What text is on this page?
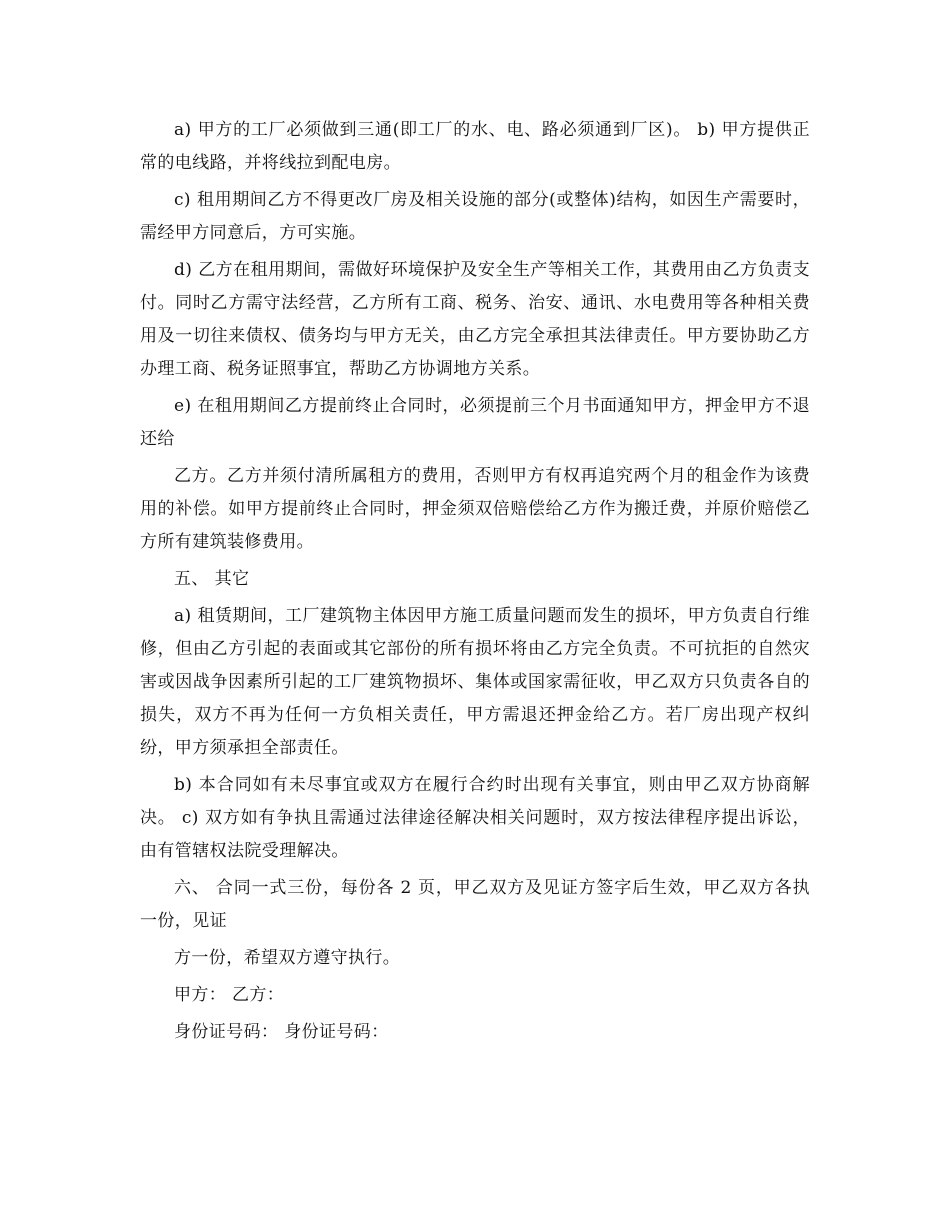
a) 甲方的工厂必须做到三通(即工厂的水、电、路必须通到厂区)。 b) 甲方提供正常的电线路，并将线拉到配电房。

c) 租用期间乙方不得更改厂房及相关设施的部分(或整体)结构，如因生产需要时，需经甲方同意后，方可实施。

d) 乙方在租用期间，需做好环境保护及安全生产等相关工作，其费用由乙方负责支付。同时乙方需守法经营，乙方所有工商、税务、治安、通讯、水电费用等各种相关费用及一切往来债权、债务均与甲方无关，由乙方完全承担其法律责任。甲方要协助乙方办理工商、税务证照事宜，帮助乙方协调地方关系。

e) 在租用期间乙方提前终止合同时，必须提前三个月书面通知甲方，押金甲方不退还给

乙方。乙方并须付清所属租方的费用，否则甲方有权再追究两个月的租金作为该费用的补偿。如甲方提前终止合同时，押金须双倍赔偿给乙方作为搬迁费，并原价赔偿乙方所有建筑装修费用。

五、 其它

a) 租赁期间，工厂建筑物主体因甲方施工质量问题而发生的损坏，甲方负责自行维修，但由乙方引起的表面或其它部份的所有损坏将由乙方完全负责。不可抗拒的自然灾害或因战争因素所引起的工厂建筑物损坏、集体或国家需征收，甲乙双方只负责各自的损失，双方不再为任何一方负相关责任，甲方需退还押金给乙方。若厂房出现产权纠纷，甲方须承担全部责任。

b) 本合同如有未尽事宜或双方在履行合约时出现有关事宜，则由甲乙双方协商解决。 c) 双方如有争执且需通过法律途径解决相关问题时，双方按法律程序提出诉讼，由有管辖权法院受理解决。

六、 合同一式三份，每份各 2 页，甲乙双方及见证方签字后生效，甲乙双方各执一份，见证

方一份，希望双方遵守执行。

甲方： 乙方：

身份证号码： 身份证号码：
